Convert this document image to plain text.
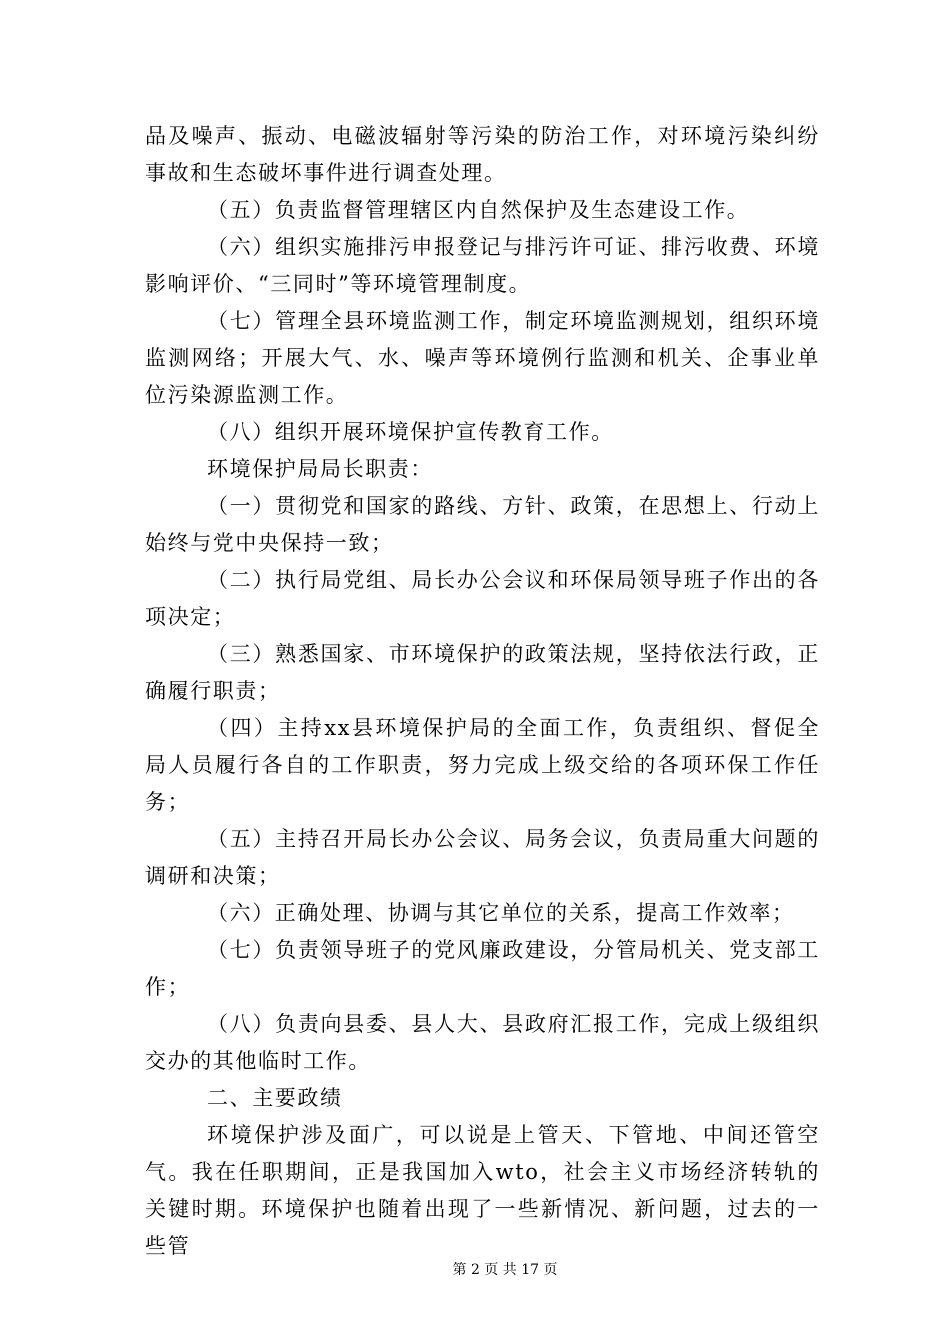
品及噪声、振动、电磁波辐射等污染的防治工作，对环境污染纠纷事故和生态破坏事件进行调查处理。

（五）负责监督管理辖区内自然保护及生态建设工作。

（六）组织实施排污申报登记与排污许可证、排污收费、环境影响评价、“三同时”等环境管理制度。

（七）管理全县环境监测工作，制定环境监测规划，组织环境监测网络；开展大气、水、噪声等环境例行监测和机关、企事业单位污染源监测工作。

（八）组织开展环境保护宣传教育工作。

环境保护局局长职责：

（一）贯彻党和国家的路线、方针、政策，在思想上、行动上始终与党中央保持一致；

（二）执行局党组、局长办公会议和环保局领导班子作出的各项决定；

（三）熟悉国家、市环境保护的政策法规，坚持依法行政，正确履行职责；

（四）主持xx县环境保护局的全面工作，负责组织、督促全局人员履行各自的工作职责，努力完成上级交给的各项环保工作任务；

（五）主持召开局长办公会议、局务会议，负责局重大问题的调研和决策；

（六）正确处理、协调与其它单位的关系，提高工作效率；

（七）负责领导班子的党风廉政建设，分管局机关、党支部工作；

（八）负责向县委、县人大、县政府汇报工作，完成上级组织交办的其他临时工作。

二、主要政绩

环境保护涉及面广，可以说是上管天、下管地、中间还管空气。我在任职期间，正是我国加入wto，社会主义市场经济转轨的关键时期。环境保护也随着出现了一些新情况、新问题，过去的一些管

第 2 页 共 17 页
